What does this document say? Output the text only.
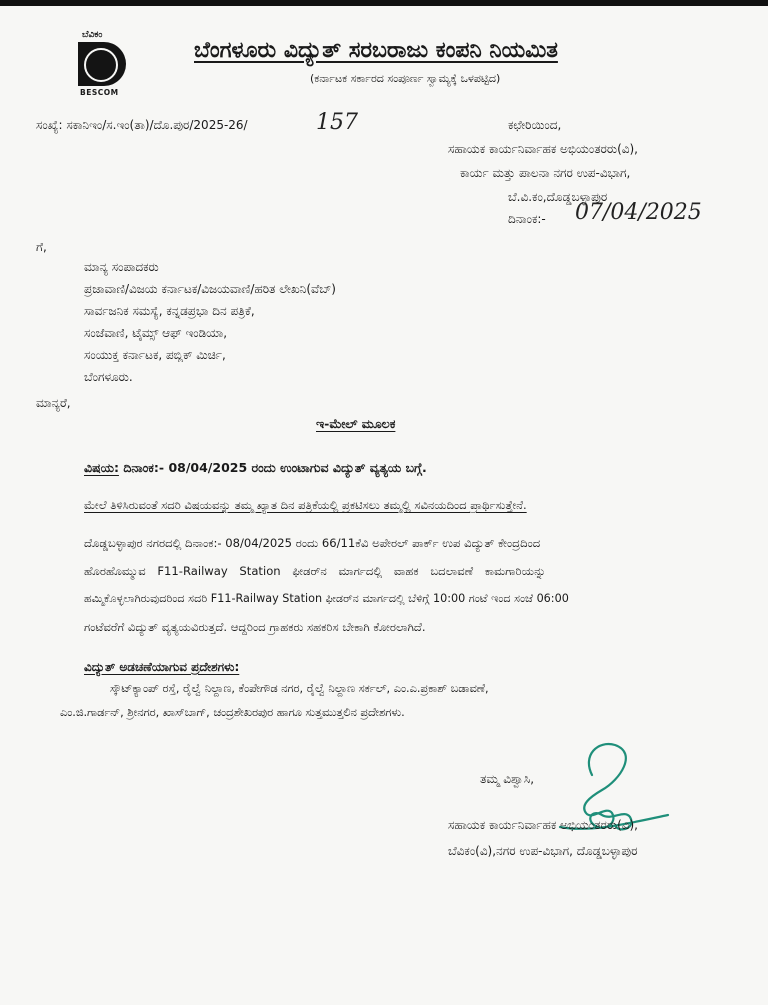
ಬೆವಿಕಂ
BESCOM
ಬೆಂಗಳೂರು ವಿದ್ಯುತ್ ಸರಬರಾಜು ಕಂಪನಿ ನಿಯಮಿತ
(ಕರ್ನಾಟಕ ಸರ್ಕಾರದ ಸಂಪೂರ್ಣ ಸ್ವಾಮ್ಯಕ್ಕೆ ಒಳಪಟ್ಟಿದ)
ಸಂಖ್ಯೆ: ಸಕಾನಿಇಂ/ಸ.ಇಂ(ತಾ)/ದೊ.ಪುರ/2025-26/	157	ಕಛೇರಿಯಿಂದ,
ಸಹಾಯಕ ಕಾರ್ಯನಿರ್ವಾಹಕ ಅಭಿಯಂತರರು(ವಿ),
ಕಾರ್ಯ ಮತ್ತು ಪಾಲನಾ ನಗರ ಉಪ-ವಿಭಾಗ,
ಬೆ.ವಿ.ಕಂ,ದೊಡ್ಡಬಳ್ಳಾಪುರ
ದಿನಾಂಕ:- 07/04/2025
ಗೆ,
ಮಾನ್ಯ ಸಂಪಾದಕರು
ಪ್ರಜಾವಾಣಿ/ವಿಜಯ ಕರ್ನಾಟಕ/ವಿಜಯವಾಣಿ/ಹರಿತ ಲೇಖನಿ(ವೆಬ್)
ಸಾರ್ವಜನಿಕ ಸಮಸ್ಯೆ, ಕನ್ನಡಪ್ರಭಾ ದಿನ ಪತ್ರಿಕೆ,
ಸಂಜೆವಾಣಿ, ಟೈಮ್ಸ್ ಆಫ್ ಇಂಡಿಯಾ,
ಸಂಯುಕ್ತ ಕರ್ನಾಟಕ, ಪಬ್ಲಿಕ್ ಮಿರ್ಚಿ,
ಬೆಂಗಳೂರು.
ಮಾನ್ಯರೆ,
ಇ-ಮೇಲ್ ಮೂಲಕ
ವಿಷಯ: ದಿನಾಂಕ:- 08/04/2025 ರಂದು ಉಂಟಾಗುವ ವಿದ್ಯುತ್ ವ್ಯತ್ಯಯ ಬಗ್ಗೆ.
ಮೇಲೆ ತಿಳಿಸಿರುವಂತೆ ಸದರಿ ವಿಷಯವನ್ನು ತಮ್ಮ ಖ್ಯಾತ ದಿನ ಪತ್ರಿಕೆಯಲ್ಲಿ ಪ್ರಕಟಿಸಲು ತಮ್ಮಲ್ಲಿ ಸವಿನಯದಿಂದ ಪ್ರಾರ್ಥಿಸುತ್ತೇನೆ.
ದೊಡ್ಡಬಳ್ಳಾಪುರ ನಗರದಲ್ಲಿ ದಿನಾಂಕ:- 08/04/2025 ರಂದು 66/11ಕೆವಿ ಅಪೇರಲ್ ಪಾರ್ಕ್ ಉಪ ವಿದ್ಯುತ್ ಕೇಂದ್ರದಿಂದ
ಹೊರಹೊಮ್ಮುವ F11-Railway Station ಫೀಡರ್‌ನ ಮಾರ್ಗದಲ್ಲಿ ವಾಹಕ ಬದಲಾವಣೆ ಕಾಮಗಾರಿಯನ್ನು
ಹಮ್ಮಿಕೊಳ್ಳಲಾಗಿರುವುದರಿಂದ ಸದರಿ F11-Railway Station ಫೀಡರ್‌ನ ಮಾರ್ಗದಲ್ಲಿ ಬೆಳಿಗ್ಗೆ 10:00 ಗಂಟೆ ಇಂದ ಸಂಜೆ 06:00
ಗಂಟೆವರೆಗೆ ವಿದ್ಯುತ್ ವ್ಯತ್ಯಯವಿರುತ್ತದೆ. ಆದ್ದರಿಂದ ಗ್ರಾಹಕರು ಸಹಕರಿಸ ಬೇಕಾಗಿ ಕೋರಲಾಗಿದೆ.
ವಿದ್ಯುತ್ ಅಡಚಣೆಯಾಗುವ ಪ್ರದೇಶಗಳು:
ಸ್ಕೌಟ್‌ಕ್ಯಾಂಪ್ ರಸ್ತೆ, ರೈಲ್ವೆ ನಿಲ್ದಾಣ, ಕೆಂಪೇಗೌಡ ನಗರ, ರೈಲ್ವೆ ನಿಲ್ದಾಣ ಸರ್ಕಲ್, ಎಂ.ಎ.ಪ್ರಕಾಶ್ ಬಡಾವಣೆ,
ಎಂ.ಜಿ.ಗಾರ್ಡನ್, ಶ್ರೀನಗರ, ಖಾಸ್‌ಬಾಗ್, ಚಂದ್ರಶೇಖರಪುರ ಹಾಗೂ ಸುತ್ತಮುತ್ತಲಿನ ಪ್ರದೇಶಗಳು.
ತಮ್ಮ ವಿಶ್ವಾಸಿ,
ಸಹಾಯಕ ಕಾರ್ಯನಿರ್ವಾಹಕ ಅಭಿಯಂತರರು(ವಿ),
ಬೆವಿಕಂ(ವಿ),ನಗರ ಉಪ-ವಿಭಾಗ, ದೊಡ್ಡಬಳ್ಳಾಪುರ
